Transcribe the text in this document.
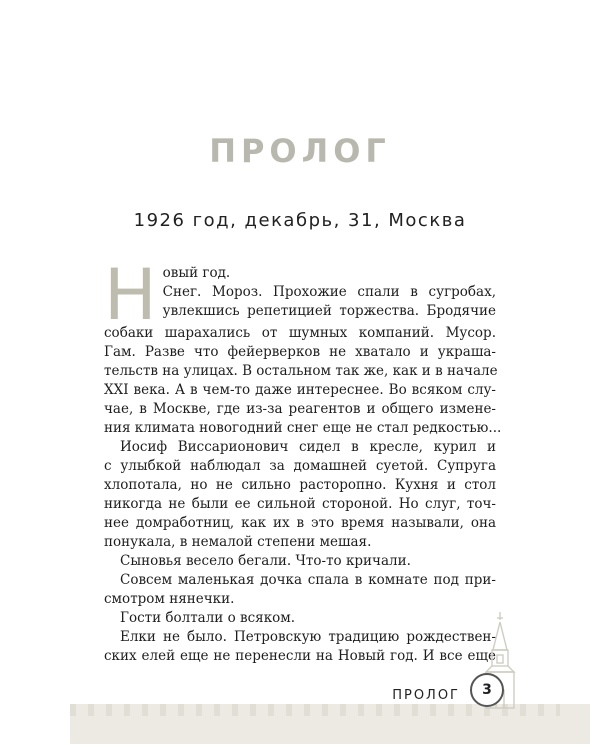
ПРОЛОГ
1926 год, декабрь, 31, Москва
Н овый год.

Снег. Мороз. Прохожие спали в сугробах,

увлекшись репетицией торжества. Бродячие

собаки шарахались от шумных компаний. Мусор.

Гам. Разве что фейерверков не хватало и украша-

тельств на улицах. В остальном так же, как и в начале

XXI века. А в чем-то даже интереснее. Во всяком слу-

чае, в Москве, где из-за реагентов и общего измене-

ния климата новогодний снег еще не стал редкостью...

Иосиф Виссарионович сидел в кресле, курил и

с улыбкой наблюдал за домашней суетой. Супруга

хлопотала, но не сильно расторопно. Кухня и стол

никогда не были ее сильной стороной. Но слуг, точ-

нее домработниц, как их в это время называли, она

понукала, в немалой степени мешая.

Сыновья весело бегали. Что-то кричали.

Совсем маленькая дочка спала в комнате под при-

смотром нянечки.

Гости болтали о всяком.

Елки не было. Петровскую традицию рождествен-

ских елей еще не перенесли на Новый год. И все еще

ПРОЛОГ	3
